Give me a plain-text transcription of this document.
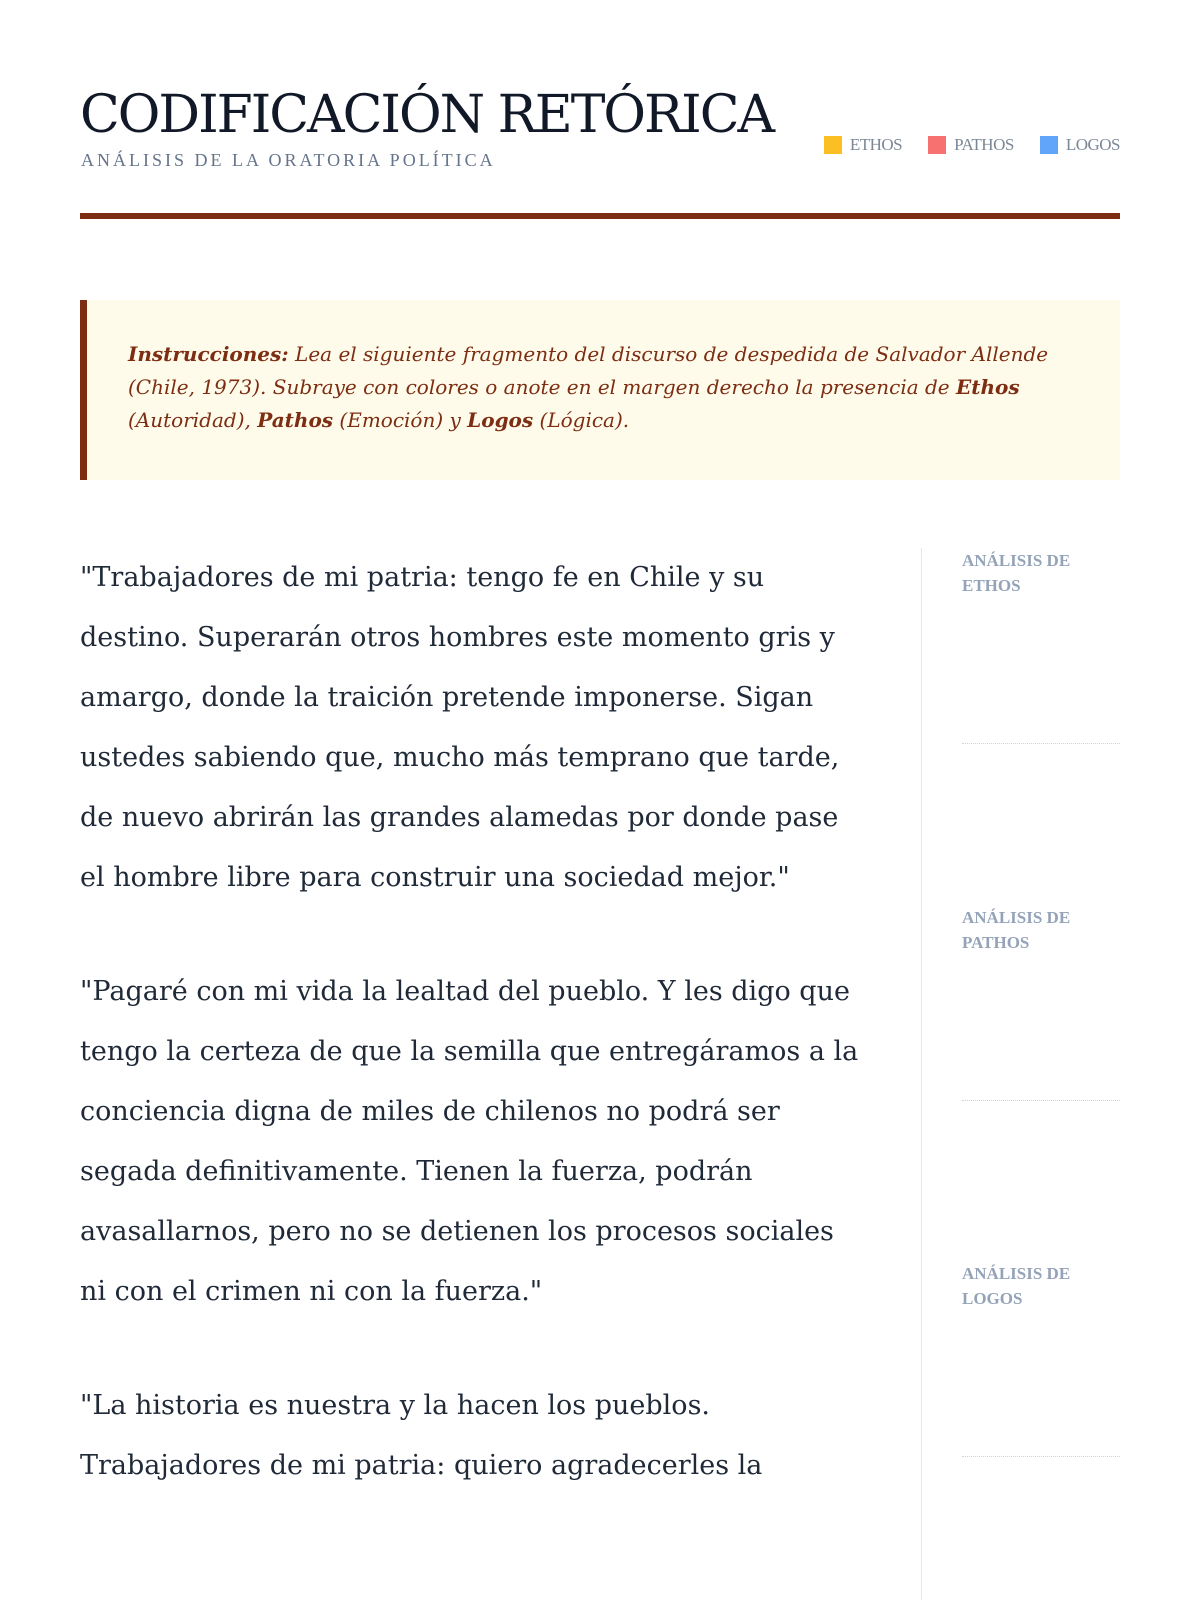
CODIFICACIÓN RETÓRICA
ANÁLISIS DE LA ORATORIA POLÍTICA
ETHOS	PATHOS	LOGOS
Instrucciones: Lea el siguiente fragmento del discurso de despedida de Salvador Allende (Chile, 1973). Subraye con colores o anote en el margen derecho la presencia de Ethos (Autoridad), Pathos (Emoción) y Logos (Lógica).

"Trabajadores de mi patria: tengo fe en Chile y su destino. Superarán otros hombres este momento gris y amargo, donde la traición pretende imponerse. Sigan ustedes sabiendo que, mucho más temprano que tarde, de nuevo abrirán las grandes alamedas por donde pase el hombre libre para construir una sociedad mejor."

"Pagaré con mi vida la lealtad del pueblo. Y les digo que tengo la certeza de que la semilla que entregáramos a la conciencia digna de miles de chilenos no podrá ser segada definitivamente. Tienen la fuerza, podrán avasallarnos, pero no se detienen los procesos sociales ni con el crimen ni con la fuerza."

"La historia es nuestra y la hacen los pueblos. Trabajadores de mi patria: quiero agradecerles la

ANÁLISIS DE ETHOS
ANÁLISIS DE PATHOS
ANÁLISIS DE LOGOS
